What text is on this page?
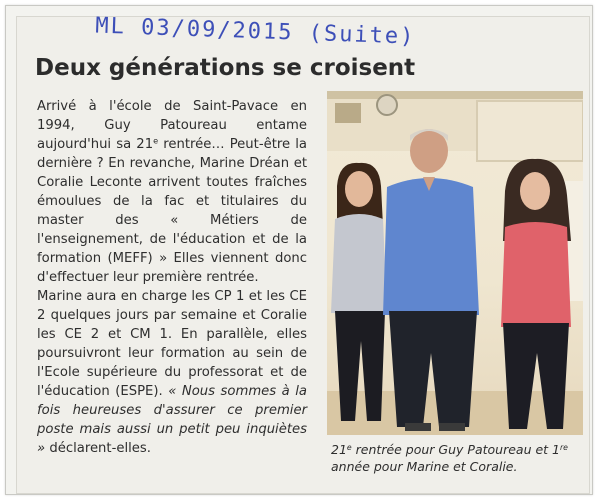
ML 03/09/2015 (Suite)
Deux générations se croisent

Arrivé à l'école de Saint-Pavace en 1994, Guy Patoureau entame aujourd'hui sa 21e rentrée… Peut-être la dernière ? En revanche, Marine Dréan et Coralie Leconte arrivent toutes fraîches émoulues de la fac et titulaires du master des « Métiers de l'enseignement, de l'éducation et de la formation (MEFF) » Elles viennent donc d'effectuer leur première rentrée.

Marine aura en charge les CP 1 et les CE 2 quelques jours par semaine et Coralie les CE 2 et CM 1. En parallèle, elles poursuivront leur formation au sein de l'Ecole supérieure du professorat et de l'éducation (ESPE). « Nous sommes à la fois heureuses d'assurer ce premier poste mais aussi un petit peu inquiètes » déclarent-elles.	21e rentrée pour Guy Patoureau et 1re année pour Marine et Coralie.
